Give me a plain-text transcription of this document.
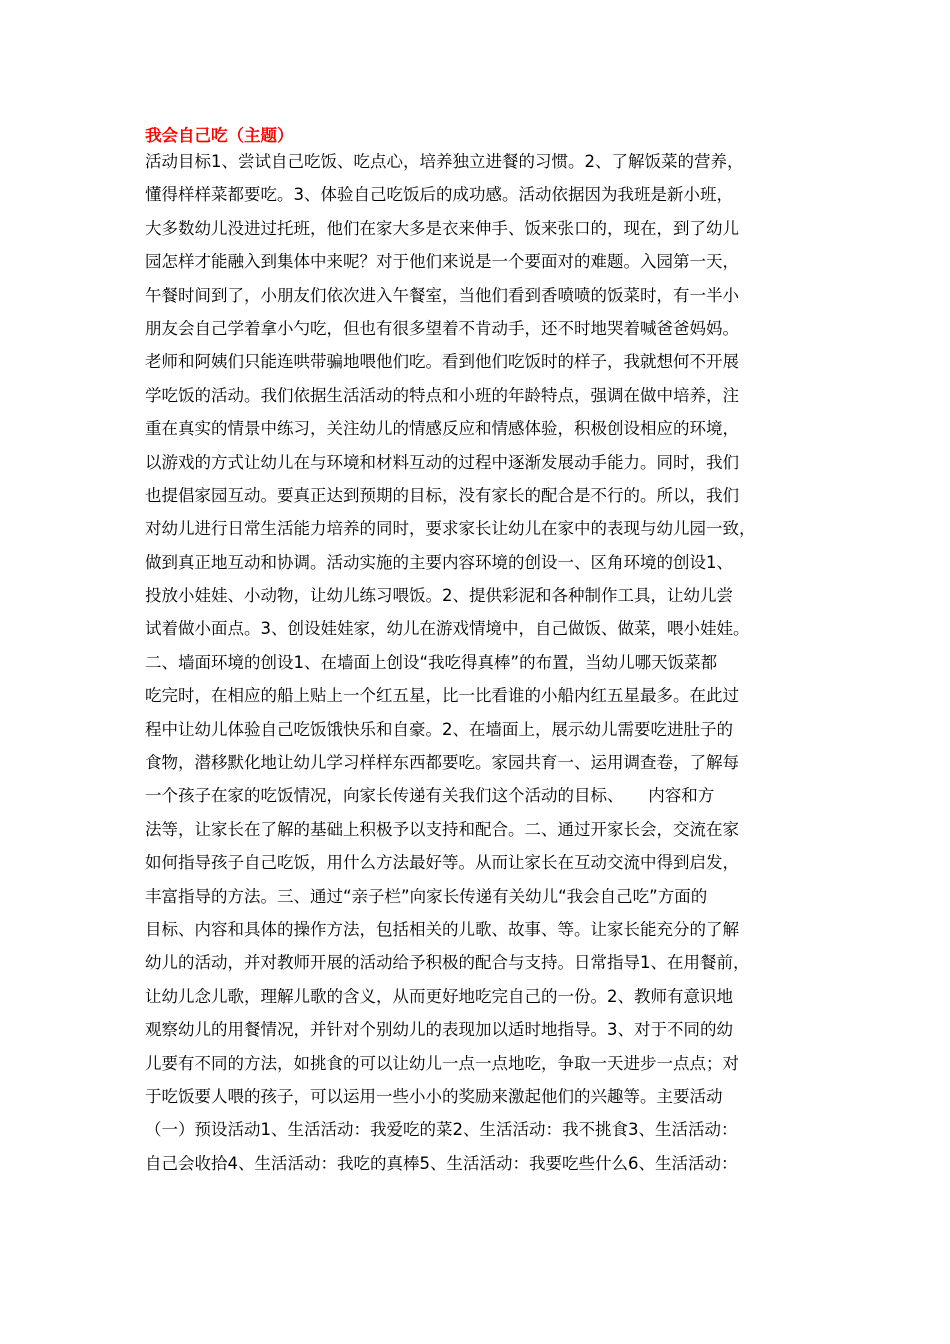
我会自己吃（主题）
活动目标1、尝试自己吃饭、吃点心，培养独立进餐的习惯。2、了解饭菜的营养，
懂得样样菜都要吃。3、体验自己吃饭后的成功感。活动依据因为我班是新小班，
大多数幼儿没进过托班，他们在家大多是衣来伸手、饭来张口的，现在，到了幼儿
园怎样才能融入到集体中来呢？对于他们来说是一个要面对的难题。入园第一天，
午餐时间到了，小朋友们依次进入午餐室，当他们看到香喷喷的饭菜时，有一半小
朋友会自己学着拿小勺吃，但也有很多望着不肯动手，还不时地哭着喊爸爸妈妈。
老师和阿姨们只能连哄带骗地喂他们吃。看到他们吃饭时的样子，我就想何不开展
学吃饭的活动。我们依据生活活动的特点和小班的年龄特点，强调在做中培养，注
重在真实的情景中练习，关注幼儿的情感反应和情感体验，积极创设相应的环境，
以游戏的方式让幼儿在与环境和材料互动的过程中逐渐发展动手能力。同时，我们
也提倡家园互动。要真正达到预期的目标，没有家长的配合是不行的。所以，我们
对幼儿进行日常生活能力培养的同时，要求家长让幼儿在家中的表现与幼儿园一致，
做到真正地互动和协调。活动实施的主要内容环境的创设一、区角环境的创设1、
投放小娃娃、小动物，让幼儿练习喂饭。2、提供彩泥和各种制作工具，让幼儿尝
试着做小面点。3、创设娃娃家，幼儿在游戏情境中，自己做饭、做菜，喂小娃娃。
二、墙面环境的创设1、在墙面上创设“我吃得真棒”的布置，当幼儿哪天饭菜都
吃完时，在相应的船上贴上一个红五星，比一比看谁的小船内红五星最多。在此过
程中让幼儿体验自己吃饭饿快乐和自豪。2、在墙面上，展示幼儿需要吃进肚子的
食物，潜移默化地让幼儿学习样样东西都要吃。家园共育一、运用调查卷，了解每
一个孩子在家的吃饭情况，向家长传递有关我们这个活动的目标、　　内容和方
法等，让家长在了解的基础上积极予以支持和配合。二、通过开家长会，交流在家
如何指导孩子自己吃饭，用什么方法最好等。从而让家长在互动交流中得到启发，
丰富指导的方法。三、通过“亲子栏”向家长传递有关幼儿“我会自己吃”方面的
目标、内容和具体的操作方法，包括相关的儿歌、故事、等。让家长能充分的了解
幼儿的活动，并对教师开展的活动给予积极的配合与支持。日常指导1、在用餐前，
让幼儿念儿歌，理解儿歌的含义，从而更好地吃完自己的一份。2、教师有意识地
观察幼儿的用餐情况，并针对个别幼儿的表现加以适时地指导。3、对于不同的幼
儿要有不同的方法，如挑食的可以让幼儿一点一点地吃，争取一天进步一点点；对
于吃饭要人喂的孩子，可以运用一些小小的奖励来激起他们的兴趣等。主要活动
（一）预设活动1、生活活动：我爱吃的菜2、生活活动：我不挑食3、生活活动：
自己会收拾4、生活活动：我吃的真棒5、生活活动：我要吃些什么6、生活活动：
